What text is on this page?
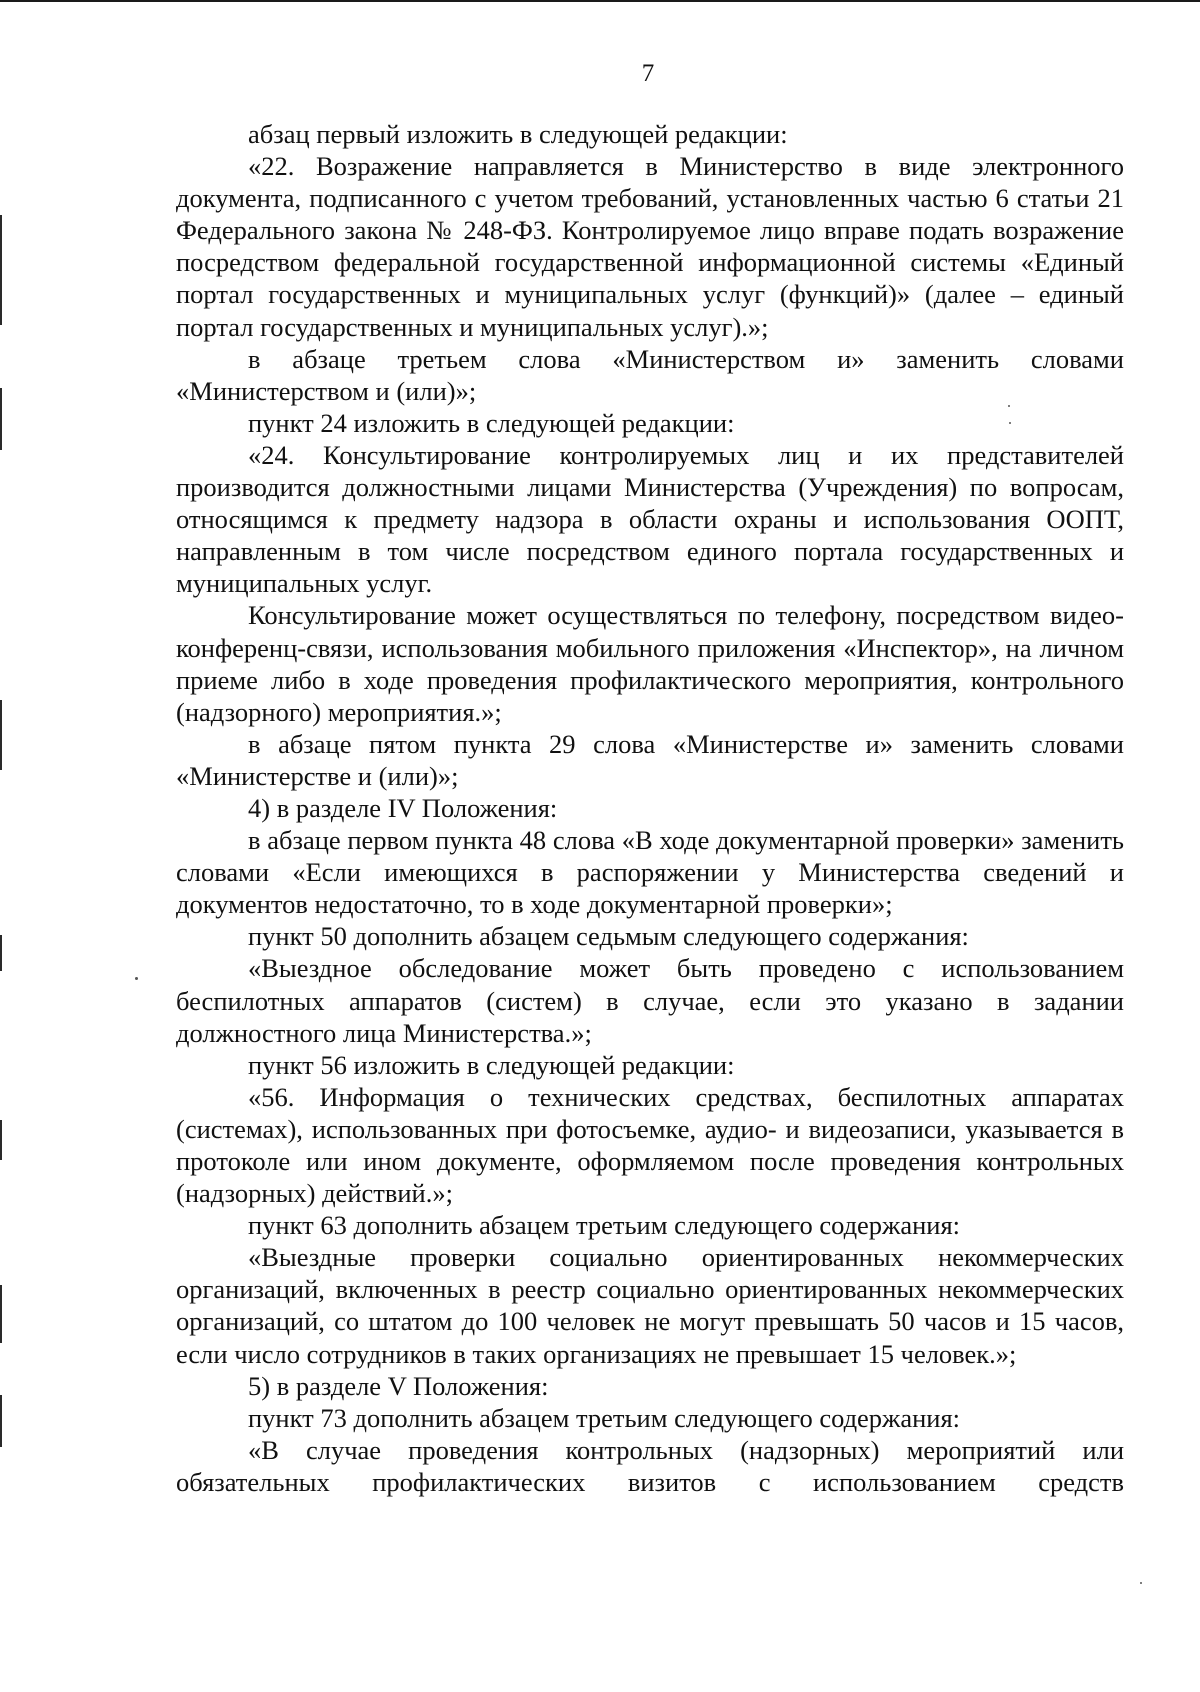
7

абзац первый изложить в следующей редакции:

«22. Возражение направляется в Министерство в виде электронного документа, подписанного с учетом требований, установленных частью 6 статьи 21 Федерального закона № 248-ФЗ. Контролируемое лицо вправе подать возражение посредством федеральной государственной информационной системы «Единый портал государственных и муниципальных услуг (функций)» (далее – единый портал государственных и муниципальных услуг).»;

в абзаце третьем слова «Министерством и» заменить словами «Министерством и (или)»;

пункт 24 изложить в следующей редакции:

«24. Консультирование контролируемых лиц и их представителей производится должностными лицами Министерства (Учреждения) по вопросам, относящимся к предмету надзора в области охраны и использования ООПТ, направленным в том числе посредством единого портала государственных и муниципальных услуг.

Консультирование может осуществляться по телефону, посредством видео-конференц-связи, использования мобильного приложения «Инспектор», на личном приеме либо в ходе проведения профилактического мероприятия, контрольного (надзорного) мероприятия.»;

в абзаце пятом пункта 29 слова «Министерстве и» заменить словами «Министерстве и (или)»;

4) в разделе IV Положения:

в абзаце первом пункта 48 слова «В ходе документарной проверки» заменить словами «Если имеющихся в распоряжении у Министерства сведений и документов недостаточно, то в ходе документарной проверки»;

пункт 50 дополнить абзацем седьмым следующего содержания:

«Выездное обследование может быть проведено с использованием беспилотных аппаратов (систем) в случае, если это указано в задании должностного лица Министерства.»;

пункт 56 изложить в следующей редакции:

«56. Информация о технических средствах, беспилотных аппаратах (системах), использованных при фотосъемке, аудио- и видеозаписи, указывается в протоколе или ином документе, оформляемом после проведения контрольных (надзорных) действий.»;

пункт 63 дополнить абзацем третьим следующего содержания:

«Выездные проверки социально ориентированных некоммерческих организаций, включенных в реестр социально ориентированных некоммерческих организаций, со штатом до 100 человек не могут превышать 50 часов и 15 часов, если число сотрудников в таких организациях не превышает 15 человек.»;

5) в разделе V Положения:

пункт 73 дополнить абзацем третьим следующего содержания:

«В случае проведения контрольных (надзорных) мероприятий или обязательных профилактических визитов с использованием средств
